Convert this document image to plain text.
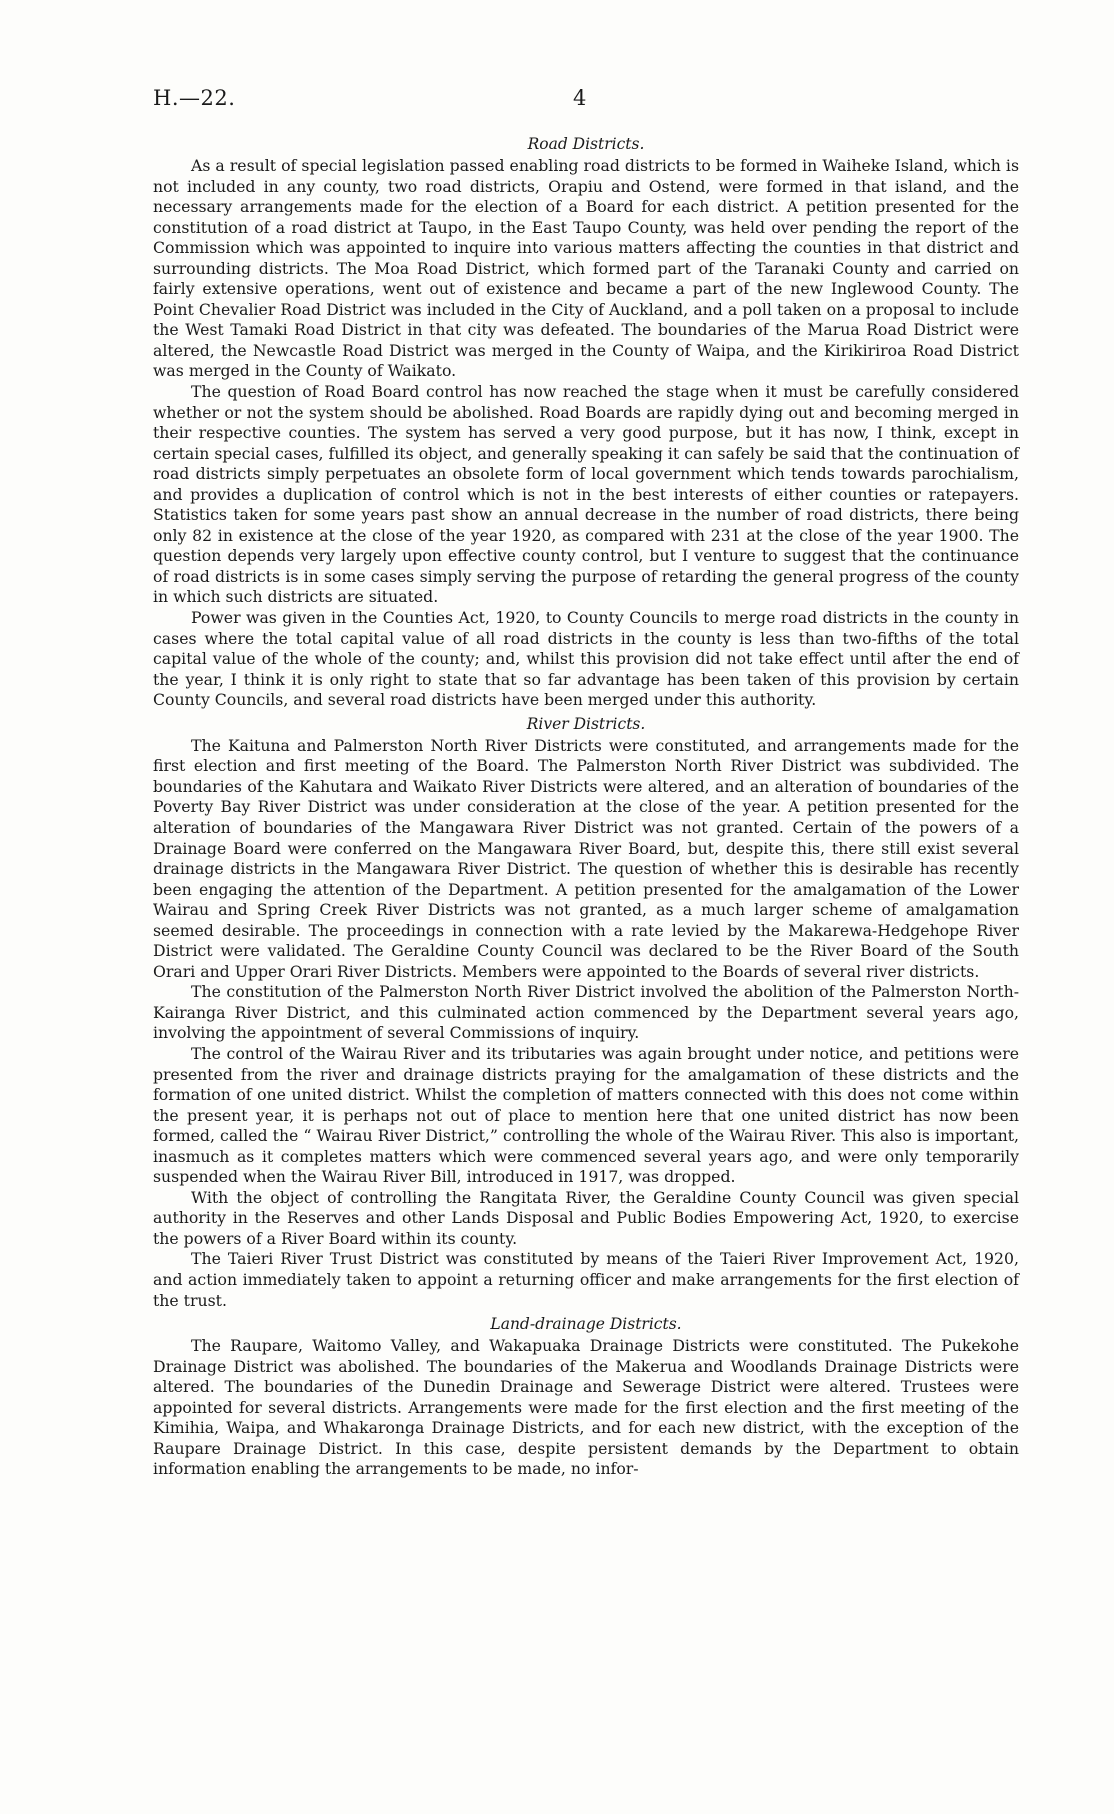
H.—22.	4
Road Districts.

As a result of special legislation passed enabling road districts to be formed in Waiheke Island, which is not included in any county, two road districts, Orapiu and Ostend, were formed in that island, and the necessary arrangements made for the election of a Board for each district. A petition presented for the constitution of a road district at Taupo, in the East Taupo County, was held over pending the report of the Commission which was appointed to inquire into various matters affecting the counties in that district and surrounding districts. The Moa Road District, which formed part of the Taranaki County and carried on fairly extensive operations, went out of existence and became a part of the new Inglewood County. The Point Chevalier Road District was included in the City of Auckland, and a poll taken on a proposal to include the West Tamaki Road District in that city was defeated. The boundaries of the Marua Road District were altered, the Newcastle Road District was merged in the County of Waipa, and the Kirikiriroa Road District was merged in the County of Waikato.

The question of Road Board control has now reached the stage when it must be carefully considered whether or not the system should be abolished. Road Boards are rapidly dying out and becoming merged in their respective counties. The system has served a very good purpose, but it has now, I think, except in certain special cases, fulfilled its object, and generally speaking it can safely be said that the continuation of road districts simply perpetuates an obsolete form of local government which tends towards parochialism, and provides a duplication of control which is not in the best interests of either counties or ratepayers. Statistics taken for some years past show an annual decrease in the number of road districts, there being only 82 in existence at the close of the year 1920, as compared with 231 at the close of the year 1900. The question depends very largely upon effective county control, but I venture to suggest that the continuance of road districts is in some cases simply serving the purpose of retarding the general progress of the county in which such districts are situated.

Power was given in the Counties Act, 1920, to County Councils to merge road districts in the county in cases where the total capital value of all road districts in the county is less than two-fifths of the total capital value of the whole of the county; and, whilst this provision did not take effect until after the end of the year, I think it is only right to state that so far advantage has been taken of this provision by certain County Councils, and several road districts have been merged under this authority.

River Districts.

The Kaituna and Palmerston North River Districts were constituted, and arrangements made for the first election and first meeting of the Board. The Palmerston North River District was subdivided. The boundaries of the Kahutara and Waikato River Districts were altered, and an alteration of boundaries of the Poverty Bay River District was under consideration at the close of the year. A petition presented for the alteration of boundaries of the Mangawara River District was not granted. Certain of the powers of a Drainage Board were conferred on the Mangawara River Board, but, despite this, there still exist several drainage districts in the Mangawara River District. The question of whether this is desirable has recently been engaging the attention of the Department. A petition presented for the amalgamation of the Lower Wairau and Spring Creek River Districts was not granted, as a much larger scheme of amalgamation seemed desirable. The proceedings in connection with a rate levied by the Makarewa-Hedgehope River District were validated. The Geraldine County Council was declared to be the River Board of the South Orari and Upper Orari River Districts. Members were appointed to the Boards of several river districts.

The constitution of the Palmerston North River District involved the abolition of the Palmerston North-Kairanga River District, and this culminated action commenced by the Department several years ago, involving the appointment of several Commissions of inquiry.

The control of the Wairau River and its tributaries was again brought under notice, and petitions were presented from the river and drainage districts praying for the amalgamation of these districts and the formation of one united district. Whilst the completion of matters connected with this does not come within the present year, it is perhaps not out of place to mention here that one united district has now been formed, called the “ Wairau River District,” controlling the whole of the Wairau River. This also is important, inasmuch as it completes matters which were commenced several years ago, and were only temporarily suspended when the Wairau River Bill, introduced in 1917, was dropped.

With the object of controlling the Rangitata River, the Geraldine County Council was given special authority in the Reserves and other Lands Disposal and Public Bodies Empowering Act, 1920, to exercise the powers of a River Board within its county.

The Taieri River Trust District was constituted by means of the Taieri River Improvement Act, 1920, and action immediately taken to appoint a returning officer and make arrangements for the first election of the trust.

Land-drainage Districts.

The Raupare, Waitomo Valley, and Wakapuaka Drainage Districts were constituted. The Pukekohe Drainage District was abolished. The boundaries of the Makerua and Woodlands Drainage Districts were altered. The boundaries of the Dunedin Drainage and Sewerage District were altered. Trustees were appointed for several districts. Arrangements were made for the first election and the first meeting of the Kimihia, Waipa, and Whakaronga Drainage Districts, and for each new district, with the exception of the Raupare Drainage District. In this case, despite persistent demands by the Department to obtain information enabling the arrangements to be made, no infor-
